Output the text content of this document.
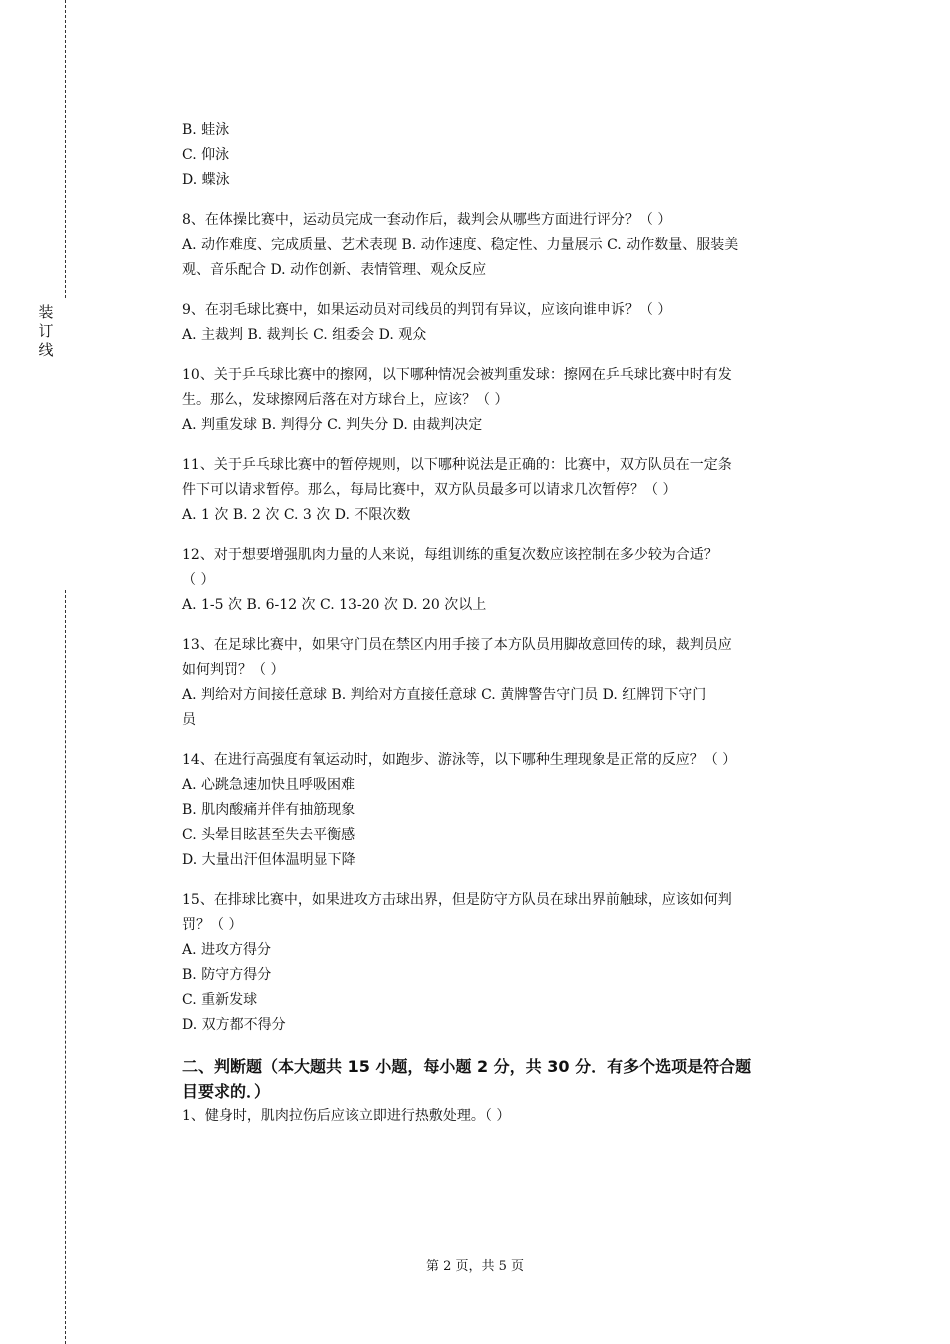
装
订
线
B. 蛙泳
C. 仰泳
D. 蝶泳
8、在体操比赛中，运动员完成一套动作后，裁判会从哪些方面进行评分？（ ）
A. 动作难度、完成质量、艺术表现 B. 动作速度、稳定性、力量展示 C. 动作数量、服装美
观、音乐配合 D. 动作创新、表情管理、观众反应
9、在羽毛球比赛中，如果运动员对司线员的判罚有异议，应该向谁申诉？（ ）
A. 主裁判 B. 裁判长 C. 组委会 D. 观众
10、关于乒乓球比赛中的擦网，以下哪种情况会被判重发球：擦网在乒乓球比赛中时有发
生。那么，发球擦网后落在对方球台上，应该？（ ）
A. 判重发球 B. 判得分 C. 判失分 D. 由裁判决定
11、关于乒乓球比赛中的暂停规则，以下哪种说法是正确的：比赛中，双方队员在一定条
件下可以请求暂停。那么，每局比赛中，双方队员最多可以请求几次暂停？（ ）
A. 1 次 B. 2 次 C. 3 次 D. 不限次数
12、对于想要增强肌肉力量的人来说，每组训练的重复次数应该控制在多少较为合适？
（ ）
A. 1-5 次 B. 6-12 次 C. 13-20 次 D. 20 次以上
13、在足球比赛中，如果守门员在禁区内用手接了本方队员用脚故意回传的球，裁判员应
如何判罚？（ ）
A. 判给对方间接任意球 B. 判给对方直接任意球 C. 黄牌警告守门员 D. 红牌罚下守门
员
14、在进行高强度有氧运动时，如跑步、游泳等，以下哪种生理现象是正常的反应？（ ）
A. 心跳急速加快且呼吸困难
B. 肌肉酸痛并伴有抽筋现象
C. 头晕目眩甚至失去平衡感
D. 大量出汗但体温明显下降
15、在排球比赛中，如果进攻方击球出界，但是防守方队员在球出界前触球，应该如何判
罚？（ ）
A. 进攻方得分
B. 防守方得分
C. 重新发球
D. 双方都不得分
二、判断题（本大题共 15 小题，每小题 2 分，共 30 分．有多个选项是符合题
目要求的．）
1、健身时，肌肉拉伤后应该立即进行热敷处理。（ ）
第 2 页，共 5 页
